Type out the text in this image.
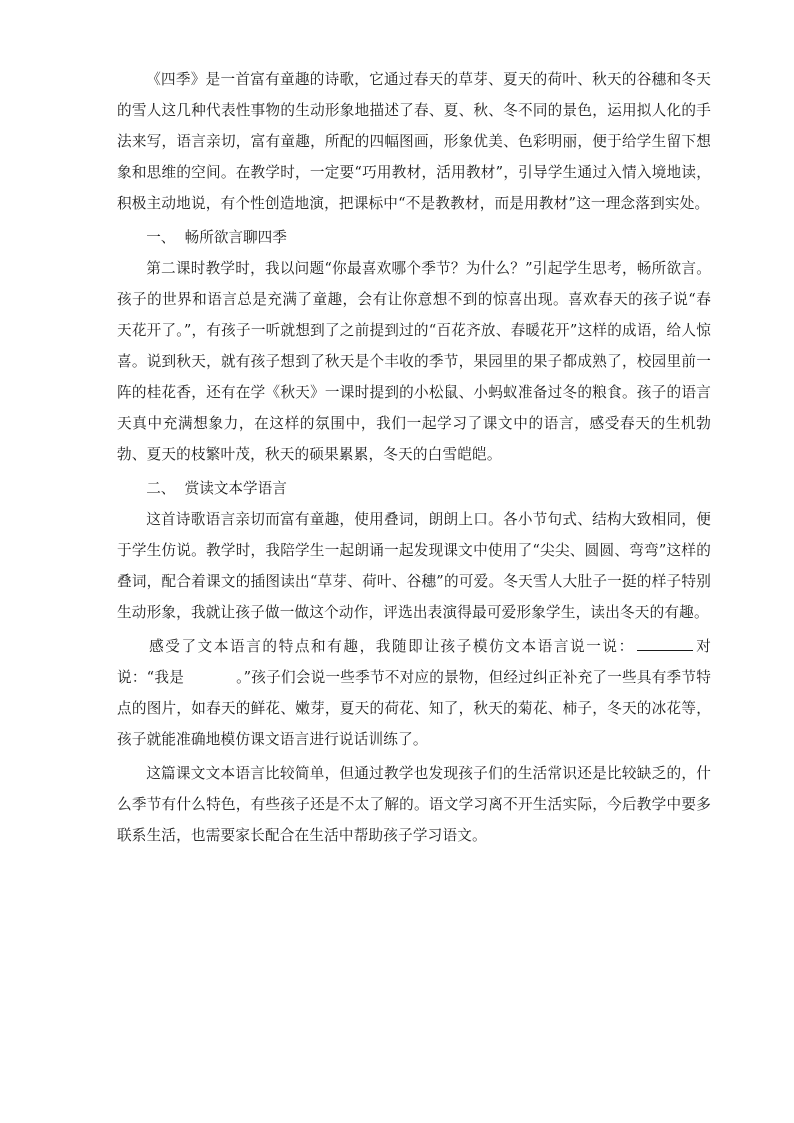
《四季》是一首富有童趣的诗歌，它通过春天的草芽、夏天的荷叶、秋天的谷穗和冬天的雪人这几种代表性事物的生动形象地描述了春、夏、秋、冬不同的景色，运用拟人化的手法来写，语言亲切，富有童趣，所配的四幅图画，形象优美、色彩明丽，便于给学生留下想象和思维的空间。在教学时，一定要“巧用教材，活用教材”，引导学生通过入情入境地读，积极主动地说，有个性创造地演，把课标中“不是教教材，而是用教材”这一理念落到实处。

一、  畅所欲言聊四季

第二课时教学时，我以问题“你最喜欢哪个季节？为什么？”引起学生思考，畅所欲言。孩子的世界和语言总是充满了童趣，会有让你意想不到的惊喜出现。喜欢春天的孩子说“春天花开了。”，有孩子一听就想到了之前提到过的“百花齐放、春暖花开”这样的成语，给人惊喜。说到秋天，就有孩子想到了秋天是个丰收的季节，果园里的果子都成熟了，校园里前一阵的桂花香，还有在学《秋天》一课时提到的小松鼠、小蚂蚁准备过冬的粮食。孩子的语言天真中充满想象力，在这样的氛围中，我们一起学习了课文中的语言，感受春天的生机勃勃、夏天的枝繁叶茂，秋天的硕果累累，冬天的白雪皑皑。

二、  赏读文本学语言

这首诗歌语言亲切而富有童趣，使用叠词，朗朗上口。各小节句式、结构大致相同，便于学生仿说。教学时，我陪学生一起朗诵一起发现课文中使用了“尖尖、圆圆、弯弯”这样的叠词，配合着课文的插图读出“草芽、荷叶、谷穗”的可爱。冬天雪人大肚子一挺的样子特别生动形象，我就让孩子做一做这个动作，评选出表演得最可爱形象学生，读出冬天的有趣。

感受了文本语言的特点和有趣，我随即让孩子模仿文本语言说一说：	对说：“我是	。”孩子们会说一些季节不对应的景物，但经过纠正补充了一些具有季节特点的图片，如春天的鲜花、嫩芽，夏天的荷花、知了，秋天的菊花、柿子，冬天的冰花等，孩子就能准确地模仿课文语言进行说话训练了。

这篇课文文本语言比较简单，但通过教学也发现孩子们的生活常识还是比较缺乏的，什么季节有什么特色，有些孩子还是不太了解的。语文学习离不开生活实际，今后教学中要多联系生活，也需要家长配合在生活中帮助孩子学习语文。
